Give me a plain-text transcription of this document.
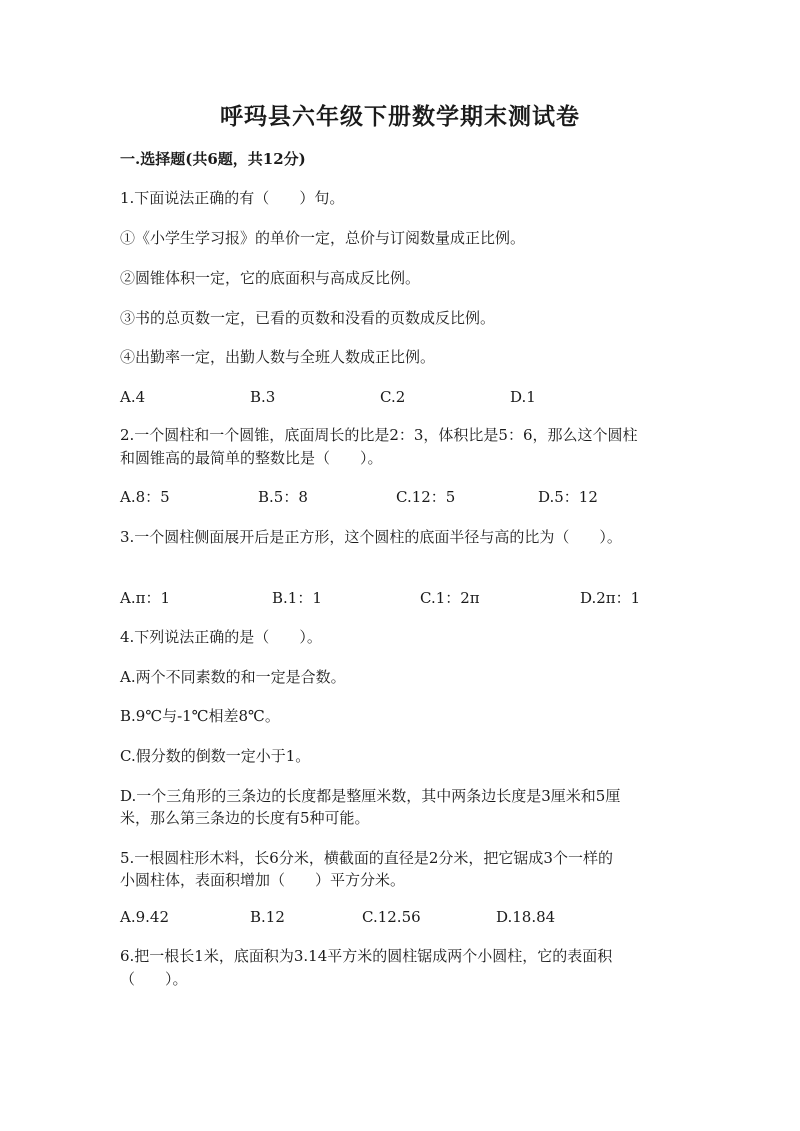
呼玛县六年级下册数学期末测试卷
一.选择题(共6题，共12分)
1.下面说法正确的有（　　）句。
①《小学生学习报》的单价一定，总价与订阅数量成正比例。
②圆锥体积一定，它的底面积与高成反比例。
③书的总页数一定，已看的页数和没看的页数成反比例。
④出勤率一定，出勤人数与全班人数成正比例。
A.4	B.3	C.2	D.1
2.一个圆柱和一个圆锥，底面周长的比是2：3，体积比是5：6，那么这个圆柱
和圆锥高的最简单的整数比是（　　）。
A.8：5	B.5：8	C.12：5	D.5：12
3.一个圆柱侧面展开后是正方形，这个圆柱的底面半径与高的比为（　　）。
A.π：1	B.1：1	C.1：2π	D.2π：1
4.下列说法正确的是（　　）。
A.两个不同素数的和一定是合数。
B.9℃与-1℃相差8℃。
C.假分数的倒数一定小于1。
D.一个三角形的三条边的长度都是整厘米数，其中两条边长度是3厘米和5厘
米，那么第三条边的长度有5种可能。
5.一根圆柱形木料，长6分米，横截面的直径是2分米，把它锯成3个一样的
小圆柱体，表面积增加（　　）平方分米。
A.9.42	B.12	C.12.56	D.18.84
6.把一根长1米，底面积为3.14平方米的圆柱锯成两个小圆柱，它的表面积
（　　）。
